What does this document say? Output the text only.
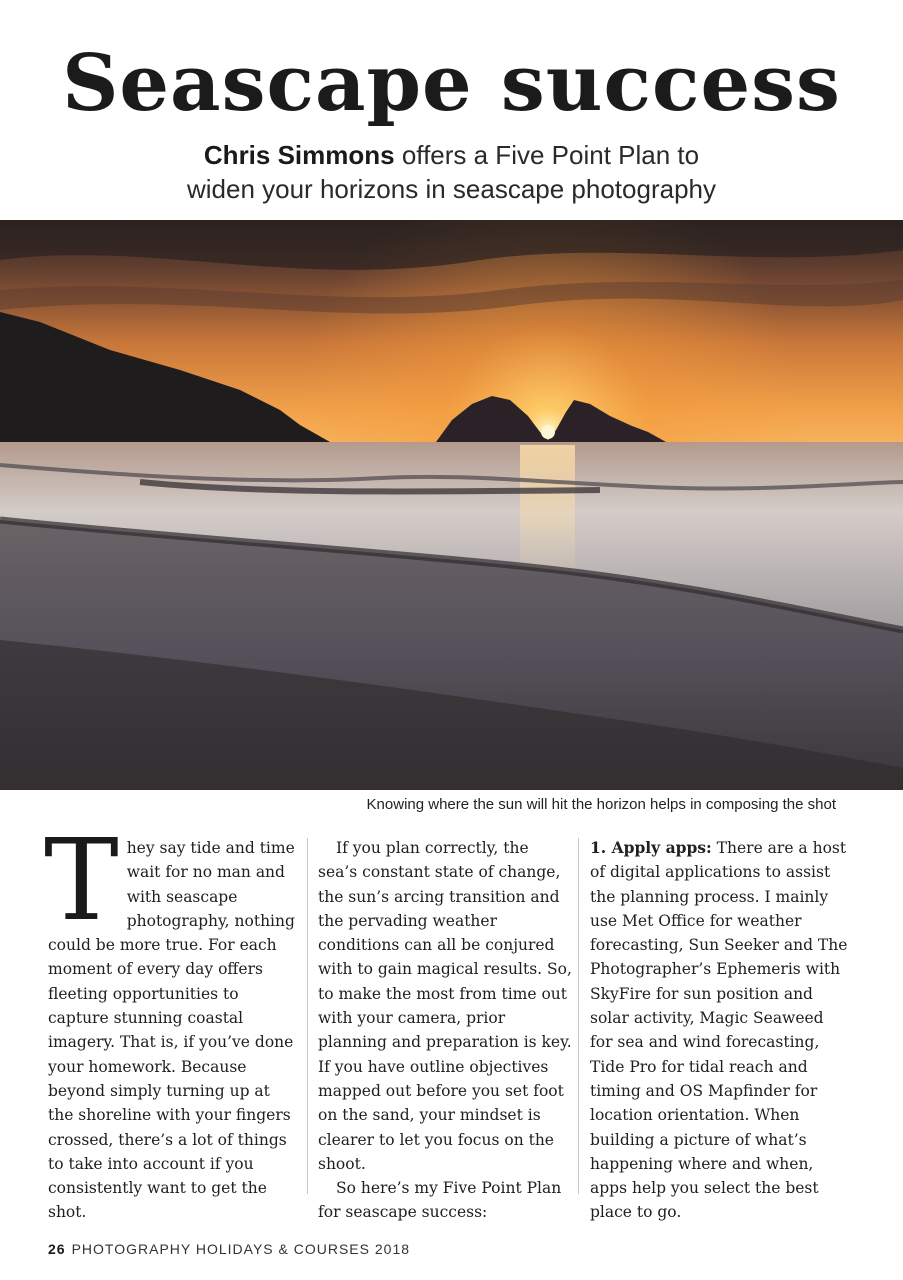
Seascape success
Chris Simmons offers a Five Point Plan to
widen your horizons in seascape photography
Knowing where the sun will hit the horizon helps in composing the shot

They say tide and time wait for no man and with seascape photography, nothing could be more true. For each moment of every day offers fleeting opportunities to capture stunning coastal imagery. That is, if you’ve done your homework. Because beyond simply turning up at the shoreline with your fingers crossed, there’s a lot of things to take into account if you consistently want to get the shot.

If you plan correctly, the sea’s constant state of change, the sun’s arcing transition and the pervading weather conditions can all be conjured with to gain magical results. So, to make the most from time out with your camera, prior planning and preparation is key. If you have outline objectives mapped out before you set foot on the sand, your mindset is clearer to let you focus on the shoot.

So here’s my Five Point Plan for seascape success:

1. Apply apps: There are a host of digital applications to assist the planning process. I mainly use Met Office for weather forecasting, Sun Seeker and The Photographer’s Ephemeris with SkyFire for sun position and solar activity, Magic Seaweed for sea and wind forecasting, Tide Pro for tidal reach and timing and OS Mapfinder for location orientation. When building a picture of what’s happening where and when, apps help you select the best place to go.

26 PHOTOGRAPHY HOLIDAYS & COURSES 2018
